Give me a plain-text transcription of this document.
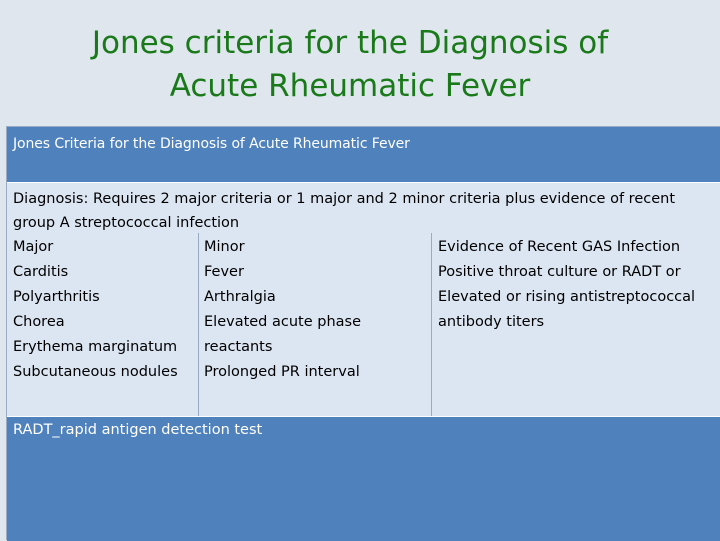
Jones criteria for the Diagnosis of
Acute Rheumatic Fever
Jones Criteria for the Diagnosis of Acute Rheumatic Fever
Diagnosis: Requires 2 major criteria or 1 major and 2 minor criteria plus evidence of recent group A streptococcal infection
Major
Carditis
Polyarthritis
Chorea
Erythema marginatum
Subcutaneous nodules
Minor
Fever
Arthralgia
Elevated acute phase
reactants
Prolonged PR interval
Evidence of Recent GAS Infection
Positive throat culture or RADT or
Elevated or rising antistreptococcal
antibody titers
RADT_rapid antigen detection test
